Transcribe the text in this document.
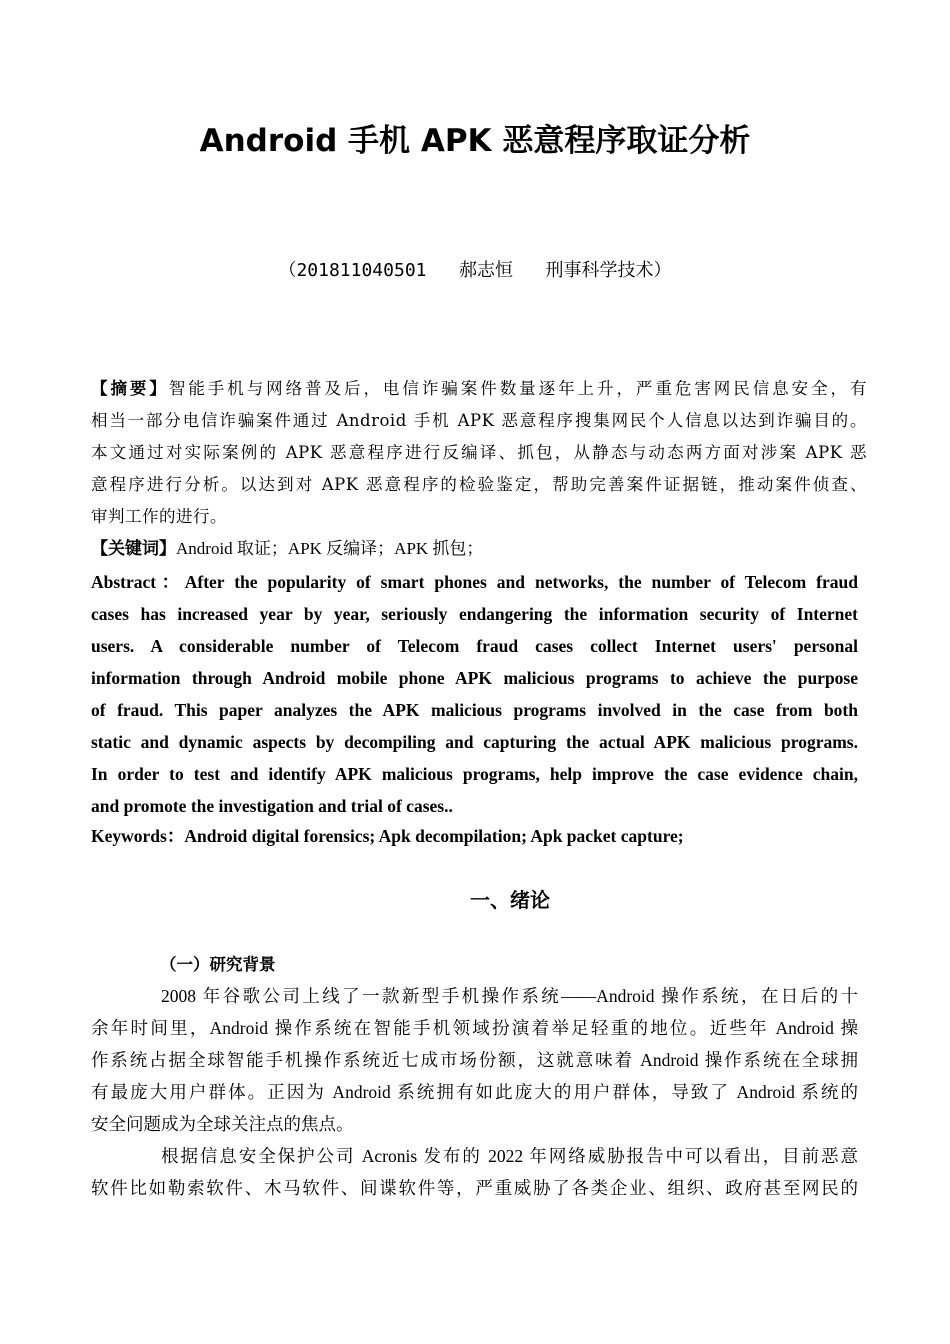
Android 手机 APK 恶意程序取证分析
（201811040501   郝志恒   刑事科学技术）
【摘要】智能手机与网络普及后，电信诈骗案件数量逐年上升，严重危害网民信息安全，有
相当一部分电信诈骗案件通过 Android 手机 APK 恶意程序搜集网民个人信息以达到诈骗目的。
本文通过对实际案例的 APK 恶意程序进行反编译、抓包，从静态与动态两方面对涉案 APK 恶
意程序进行分析。以达到对 APK 恶意程序的检验鉴定，帮助完善案件证据链，推动案件侦查、
审判工作的进行。
【关键词】Android 取证；APK 反编译；APK 抓包；
Abstract：After the popularity of smart phones and networks, the number of Telecom fraud
cases has increased year by year, seriously endangering the information security of Internet
users. A considerable number of Telecom fraud cases collect Internet users' personal
information through Android mobile phone APK malicious programs to achieve the purpose
of fraud. This paper analyzes the APK malicious programs involved in the case from both
static and dynamic aspects by decompiling and capturing the actual APK malicious programs.
In order to test and identify APK malicious programs, help improve the case evidence chain,
and promote the investigation and trial of cases..
Keywords：Android digital forensics; Apk decompilation; Apk packet capture;
一、绪论
（一）研究背景
2008 年谷歌公司上线了一款新型手机操作系统——Android 操作系统，在日后的十
余年时间里，Android 操作系统在智能手机领域扮演着举足轻重的地位。近些年 Android 操
作系统占据全球智能手机操作系统近七成市场份额，这就意味着 Android 操作系统在全球拥
有最庞大用户群体。正因为 Android 系统拥有如此庞大的用户群体，导致了 Android 系统的
安全问题成为全球关注点的焦点。
根据信息安全保护公司 Acronis 发布的 2022 年网络威胁报告中可以看出，目前恶意
软件比如勒索软件、木马软件、间谍软件等，严重威胁了各类企业、组织、政府甚至网民的
